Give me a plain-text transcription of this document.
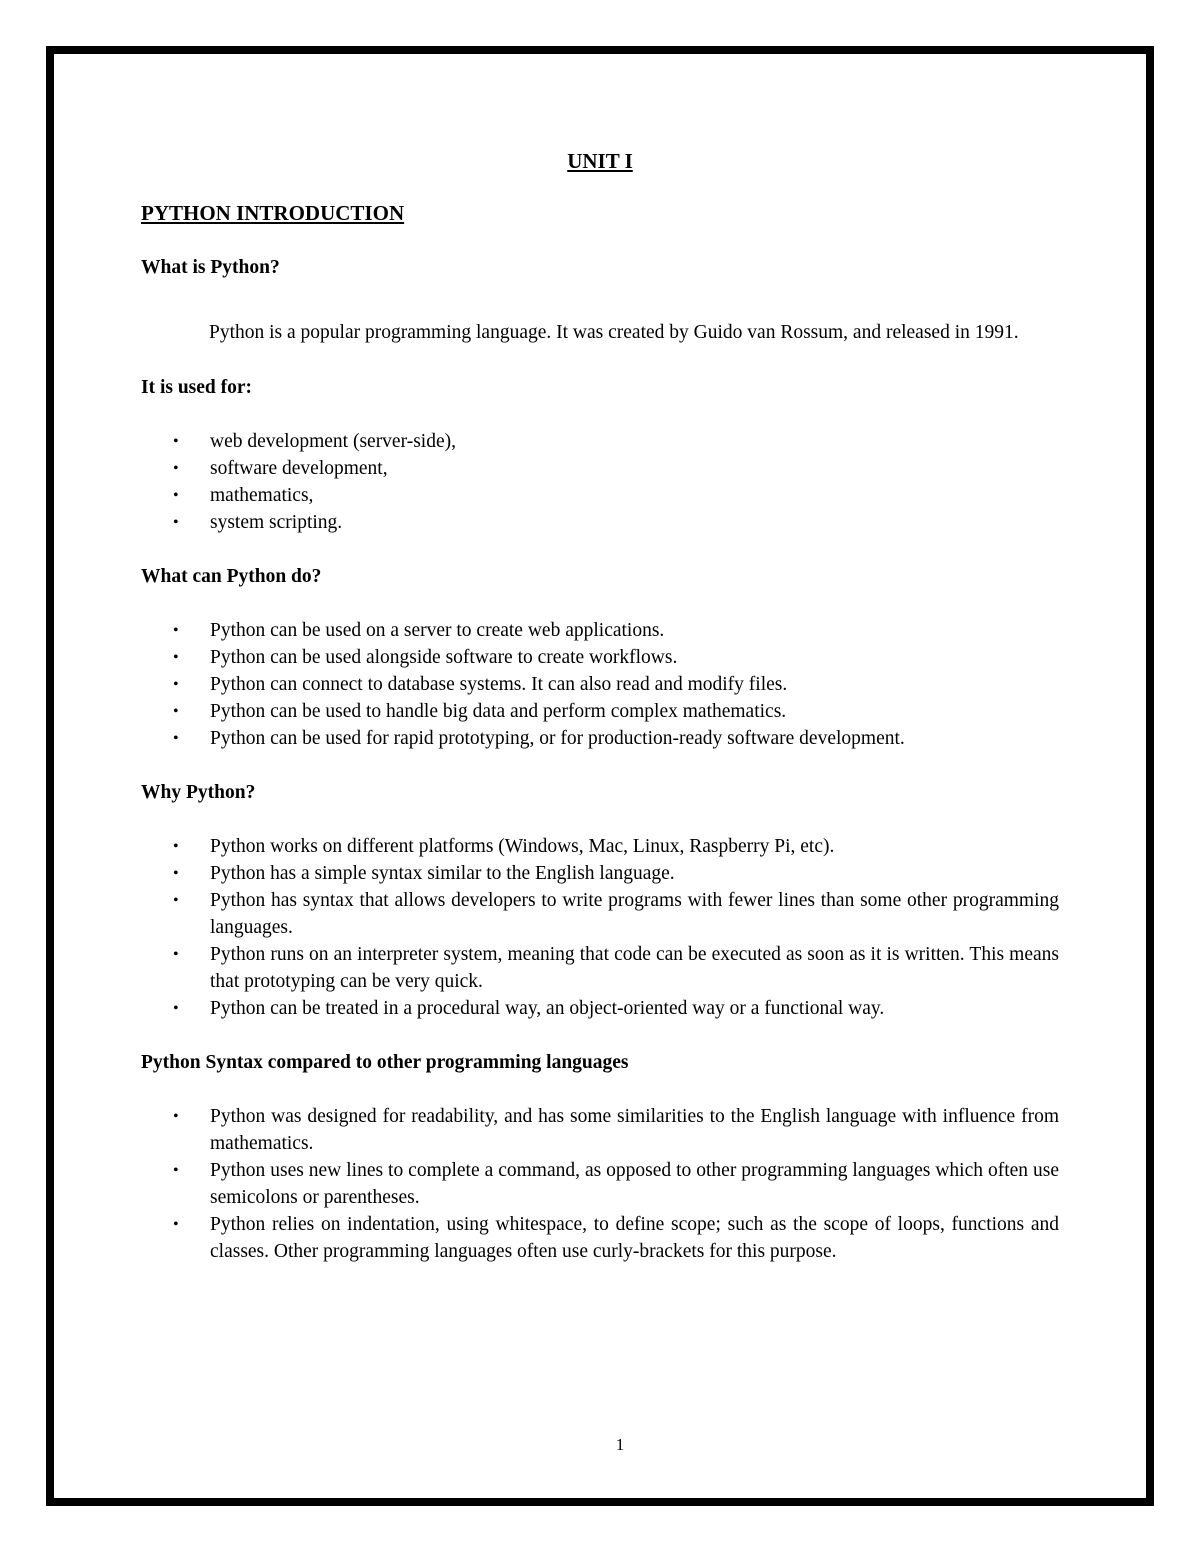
UNIT I
PYTHON INTRODUCTION
What is Python?

Python is a popular programming language. It was created by Guido van Rossum, and released in 1991.

It is used for:
• web development (server-side),
• software development,
• mathematics,
• system scripting.
What can Python do?
• Python can be used on a server to create web applications.
• Python can be used alongside software to create workflows.
• Python can connect to database systems. It can also read and modify files.
• Python can be used to handle big data and perform complex mathematics.
• Python can be used for rapid prototyping, or for production-ready software development.
Why Python?
• Python works on different platforms (Windows, Mac, Linux, Raspberry Pi, etc).
• Python has a simple syntax similar to the English language.
• Python has syntax that allows developers to write programs with fewer lines than some other programming languages.
• Python runs on an interpreter system, meaning that code can be executed as soon as it is written. This means that prototyping can be very quick.
• Python can be treated in a procedural way, an object-oriented way or a functional way.
Python Syntax compared to other programming languages
• Python was designed for readability, and has some similarities to the English language with influence from mathematics.
• Python uses new lines to complete a command, as opposed to other programming languages which often use semicolons or parentheses.
• Python relies on indentation, using whitespace, to define scope; such as the scope of loops, functions and classes. Other programming languages often use curly-brackets for this purpose.
1
